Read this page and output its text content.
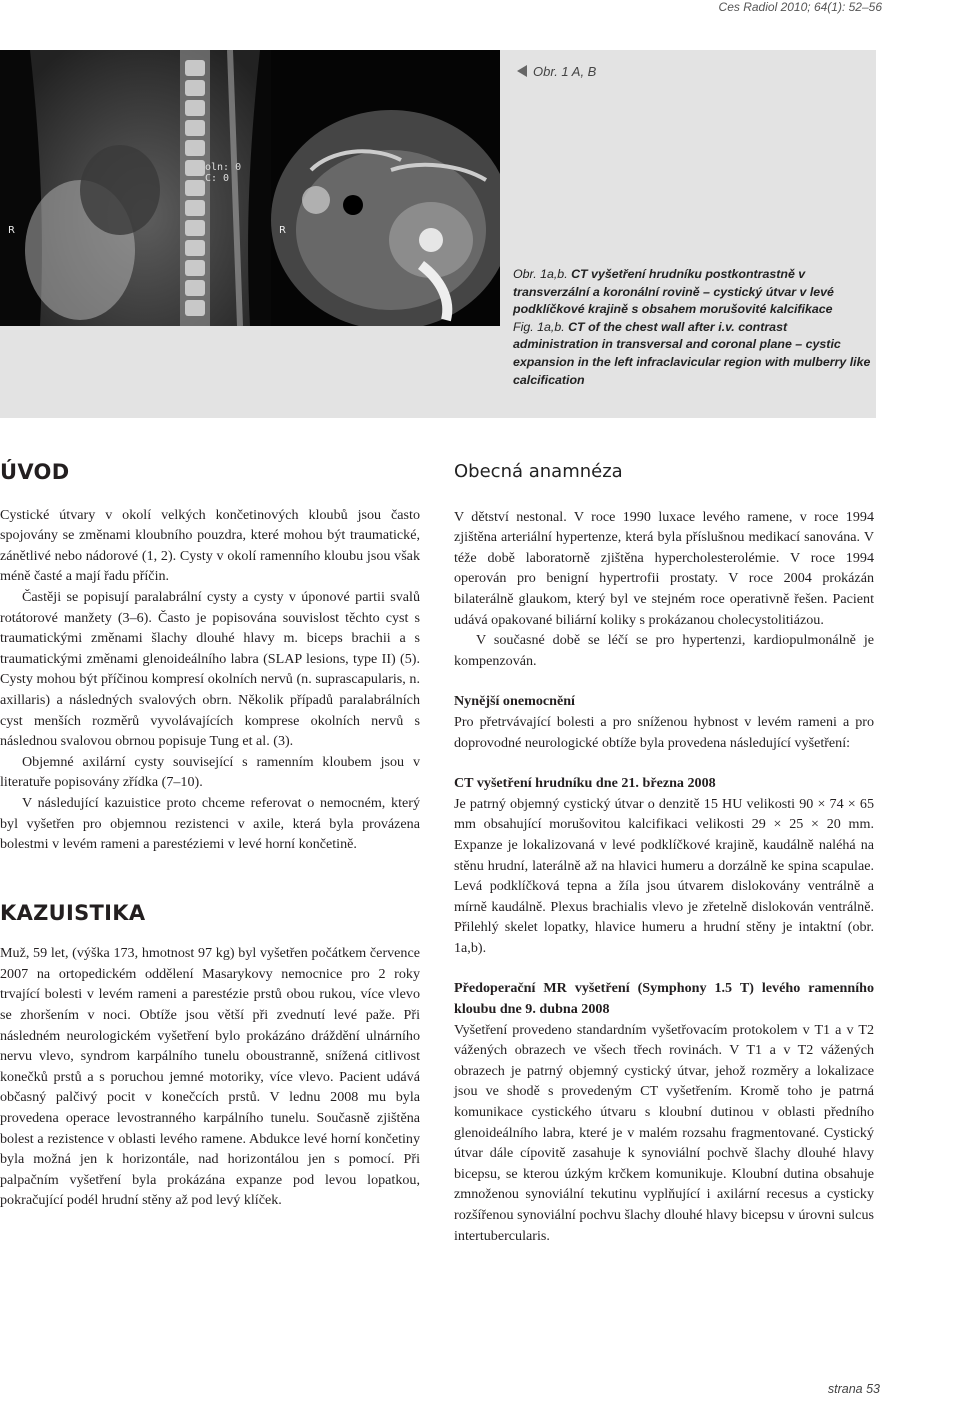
Ces Radiol 2010; 64(1): 52–56
oln: 0
C: 0
R	R
Obr. 1 A, B
Obr. 1a,b. CT vyšetření hrudníku postkontrastně v transverzální a koronální rovině – cystický útvar v levé podklíčkové krajině s obsahem morušovité kalcifikace
Fig. 1a,b. CT of the chest wall after i.v. contrast administration in transversal and coronal plane – cystic expansion in the left infraclavicular region with mulberry like calcification
ÚVOD

Cystické útvary v okolí velkých končetinových kloubů jsou často spojovány se změnami kloubního pouzdra, které mohou být traumatické, zánětlivé nebo nádorové (1, 2). Cysty v okolí ramenního kloubu jsou však méně časté a mají řadu příčin.

Častěji se popisují paralabrální cysty a cysty v úponové partii svalů rotátorové manžety (3–6). Často je popisována souvislost těchto cyst s traumatickými změnami šlachy dlouhé hlavy m. biceps brachii a s traumatickými změnami glenoideálního labra (SLAP lesions, type II) (5). Cysty mohou být příčinou kompresí okolních nervů (n. suprascapularis, n. axillaris) a následných svalových obrn. Několik případů paralabrálních cyst menších rozměrů vyvolávajících komprese okolních nervů s následnou svalovou obrnou popisuje Tung et al. (3).

Objemné axilární cysty související s ramenním kloubem jsou v literatuře popisovány zřídka (7–10).

V následující kazuistice proto chceme referovat o nemocném, který byl vyšetřen pro objemnou rezistenci v axile, která byla provázena bolestmi v levém rameni a parestéziemi v levé horní končetině.

KAZUISTIKA

Muž, 59 let, (výška 173, hmotnost 97 kg) byl vyšetřen počátkem července 2007 na ortopedickém oddělení Masarykovy nemocnice pro 2 roky trvající bolesti v levém rameni a parestézie prstů obou rukou, více vlevo se zhoršením v noci. Obtíže jsou větší při zvednutí levé paže. Při následném neurologickém vyšetření bylo prokázáno dráždění ulnárního nervu vlevo, syndrom karpálního tunelu oboustranně, snížená citlivost konečků prstů a s poruchou jemné motoriky, více vlevo. Pacient udává občasný palčivý pocit v konečcích prstů. V lednu 2008 mu byla provedena operace levostranného karpálního tunelu. Současně zjištěna bolest a rezistence v oblasti levého ramene. Abdukce levé horní končetiny byla možná jen k horizontále, nad horizontálou jen s pomocí. Při palpačním vyšetření byla prokázána expanze pod levou lopatkou, pokračující podél hrudní stěny až pod levý klíček.

Obecná anamnéza

V dětství nestonal. V roce 1990 luxace levého ramene, v roce 1994 zjištěna arteriální hypertenze, která byla příslušnou medikací sanována. V téže době laboratorně zjištěna hypercholesterolémie. V roce 1994 operován pro benigní hypertrofii prostaty. V roce 2004 prokázán bilaterálně glaukom, který byl ve stejném roce operativně řešen. Pacient udává opakované biliární koliky s prokázanou cholecystolitiázou.

V současné době se léčí se pro hypertenzi, kardiopulmonálně je kompenzován.

Nynější onemocnění

Pro přetrvávající bolesti a pro sníženou hybnost v levém rameni a pro doprovodné neurologické obtíže byla provedena následující vyšetření:

CT vyšetření hrudníku dne 21. března 2008

Je patrný objemný cystický útvar o denzitě 15 HU velikosti 90 × 74 × 65 mm obsahující morušovitou kalcifikaci velikosti 29 × 25 × 20 mm. Expanze je lokalizovaná v levé podklíčkové krajině, kaudálně naléhá na stěnu hrudní, laterálně až na hlavici humeru a dorzálně ke spina scapulae. Levá podklíčková tepna a žíla jsou útvarem dislokovány ventrálně a mírně kaudálně. Plexus brachialis vlevo je zřetelně dislokován ventrálně. Přilehlý skelet lopatky, hlavice humeru a hrudní stěny je intaktní (obr. 1a,b).

Předoperační MR vyšetření (Symphony 1.5 T) levého ramenního kloubu dne 9. dubna 2008

Vyšetření provedeno standardním vyšetřovacím protokolem v T1 a v T2 vážených obrazech ve všech třech rovinách. V T1 a v T2 vážených obrazech je patrný objemný cystický útvar, jehož rozměry a lokalizace jsou ve shodě s provedeným CT vyšetřením. Kromě toho je patrná komunikace cystického útvaru s kloubní dutinou v oblasti předního glenoideálního labra, které je v malém rozsahu fragmentované. Cystický útvar dále cípovitě zasahuje k synoviální pochvě šlachy dlouhé hlavy bicepsu, se kterou úzkým krčkem komunikuje. Kloubní dutina obsahuje zmnoženou synoviální tekutinu vyplňující i axilární recesus a cysticky rozšířenou synoviální pochvu šlachy dlouhé hlavy bicepsu v úrovni sulcus intertubercularis.

strana 53
